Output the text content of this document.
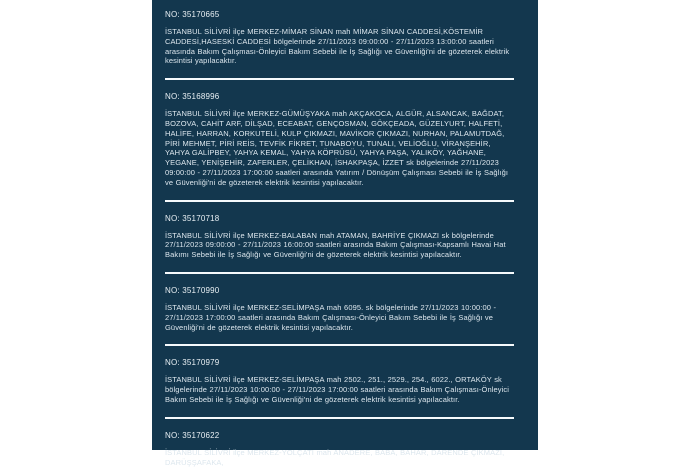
NO: 35170665

İSTANBUL SİLİVRİ ilçe MERKEZ-MİMAR SİNAN mah MİMAR SİNAN CADDESİ,KÖSTEMİR CADDESİ,HASESKİ CADDESİ bölgelerinde 27/11/2023 09:00:00 - 27/11/2023 13:00:00 saatleri arasında Bakım Çalışması-Önleyici Bakım Sebebi ile İş Sağlığı ve Güvenliği'ni de gözeterek elektrik kesintisi yapılacaktır.

NO: 35168996

İSTANBUL SİLİVRİ ilçe MERKEZ-GÜMÜŞYAKA mah AKÇAKOCA, ALGÜR, ALSANCAK, BAĞDAT, BOZOVA, CAHİT ARF, DİLŞAD, ECEABAT, GENÇOSMAN, GÖKÇEADA, GÜZELYURT, HALFETİ, HALİFE, HARRAN, KORKUTELİ, KULP ÇIKMAZI, MAVİKOR ÇIKMAZI, NURHAN, PALAMUTDAĞ, PİRİ MEHMET, PİRİ REİS, TEVFİK FİKRET, TUNABOYU, TUNALI, VELİOĞLU, VİRANŞEHİR, YAHYA GALİPBEY, YAHYA KEMAL, YAHYA KÖPRÜSÜ, YAHYA PAŞA, YALIKÖY, YAĞHANE, YEGANE, YENİŞEHİR, ZAFERLER, ÇELİKHAN, İSHAKPAŞA, İZZET sk bölgelerinde 27/11/2023 09:00:00 - 27/11/2023 17:00:00 saatleri arasında Yatırım / Dönüşüm Çalışması Sebebi ile İş Sağlığı ve Güvenliği'ni de gözeterek elektrik kesintisi yapılacaktır.

NO: 35170718

İSTANBUL SİLİVRİ ilçe MERKEZ-BALABAN mah ATAMAN, BAHRİYE ÇIKMAZI sk bölgelerinde 27/11/2023 09:00:00 - 27/11/2023 16:00:00 saatleri arasında Bakım Çalışması-Kapsamlı Havai Hat Bakımı Sebebi ile İş Sağlığı ve Güvenliği'ni de gözeterek elektrik kesintisi yapılacaktır.

NO: 35170990

İSTANBUL SİLİVRİ ilçe MERKEZ-SELİMPAŞA mah 6095. sk bölgelerinde 27/11/2023 10:00:00 - 27/11/2023 17:00:00 saatleri arasında Bakım Çalışması-Önleyici Bakım Sebebi ile İş Sağlığı ve Güvenliği'ni de gözeterek elektrik kesintisi yapılacaktır.

NO: 35170979

İSTANBUL SİLİVRİ ilçe MERKEZ-SELİMPAŞA mah 2502., 251., 2529., 254., 6022., ORTAKÖY sk bölgelerinde 27/11/2023 10:00:00 - 27/11/2023 17:00:00 saatleri arasında Bakım Çalışması-Önleyici Bakım Sebebi ile İş Sağlığı ve Güvenliği'ni de gözeterek elektrik kesintisi yapılacaktır.

NO: 35170622

İSTANBUL SİLİVRİ ilçe MERKEZ-YOLÇATI mah ANADERE, BABA, BAHAR, DARENDE ÇIKMAZI, DARÜŞŞAFAKA,
